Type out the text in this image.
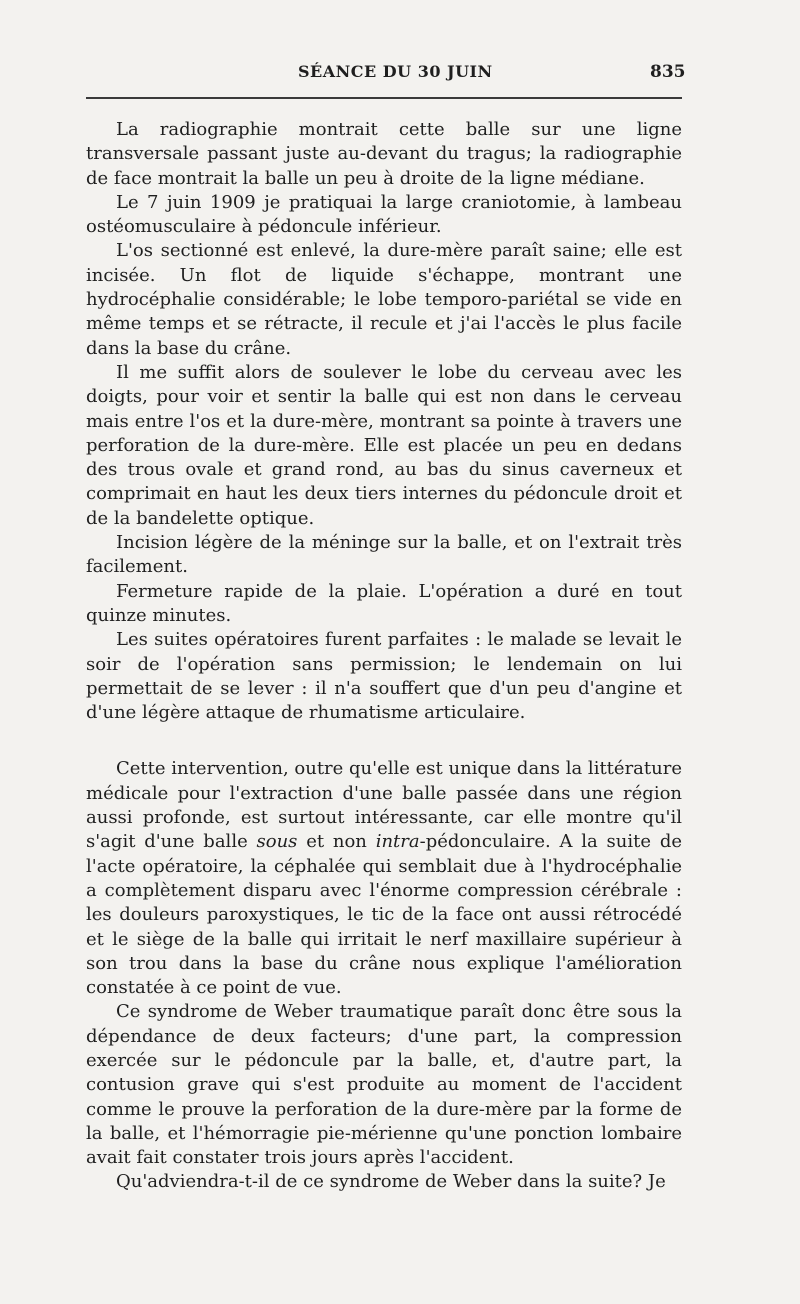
SÉANCE DU 30 JUIN	835

La radiographie montrait cette balle sur une ligne transversale passant juste au-devant du tragus; la radiographie de face montrait la balle un peu à droite de la ligne médiane.

Le 7 juin 1909 je pratiquai la large craniotomie, à lambeau ostéomusculaire à pédoncule inférieur.

L'os sectionné est enlevé, la dure-mère paraît saine; elle est incisée. Un flot de liquide s'échappe, montrant une hydrocéphalie considérable; le lobe temporo-pariétal se vide en même temps et se rétracte, il recule et j'ai l'accès le plus facile dans la base du crâne.

Il me suffit alors de soulever le lobe du cerveau avec les doigts, pour voir et sentir la balle qui est non dans le cerveau mais entre l'os et la dure-mère, montrant sa pointe à travers une perforation de la dure-mère. Elle est placée un peu en dedans des trous ovale et grand rond, au bas du sinus caverneux et comprimait en haut les deux tiers internes du pédoncule droit et de la bandelette optique.

Incision légère de la méninge sur la balle, et on l'extrait très facilement.

Fermeture rapide de la plaie. L'opération a duré en tout quinze minutes.

Les suites opératoires furent parfaites : le malade se levait le soir de l'opération sans permission; le lendemain on lui permettait de se lever : il n'a souffert que d'un peu d'angine et d'une légère attaque de rhumatisme articulaire.

Cette intervention, outre qu'elle est unique dans la littérature médicale pour l'extraction d'une balle passée dans une région aussi profonde, est surtout intéressante, car elle montre qu'il s'agit d'une balle sous et non intra-pédonculaire. A la suite de l'acte opératoire, la céphalée qui semblait due à l'hydrocéphalie a complètement disparu avec l'énorme compression cérébrale : les douleurs paroxystiques, le tic de la face ont aussi rétrocédé et le siège de la balle qui irritait le nerf maxillaire supérieur à son trou dans la base du crâne nous explique l'amélioration constatée à ce point de vue.

Ce syndrome de Weber traumatique paraît donc être sous la dépendance de deux facteurs; d'une part, la compression exercée sur le pédoncule par la balle, et, d'autre part, la contusion grave qui s'est produite au moment de l'accident comme le prouve la perforation de la dure-mère par la forme de la balle, et l'hémorragie pie-mérienne qu'une ponction lombaire avait fait constater trois jours après l'accident.

Qu'adviendra-t-il de ce syndrome de Weber dans la suite? Je
